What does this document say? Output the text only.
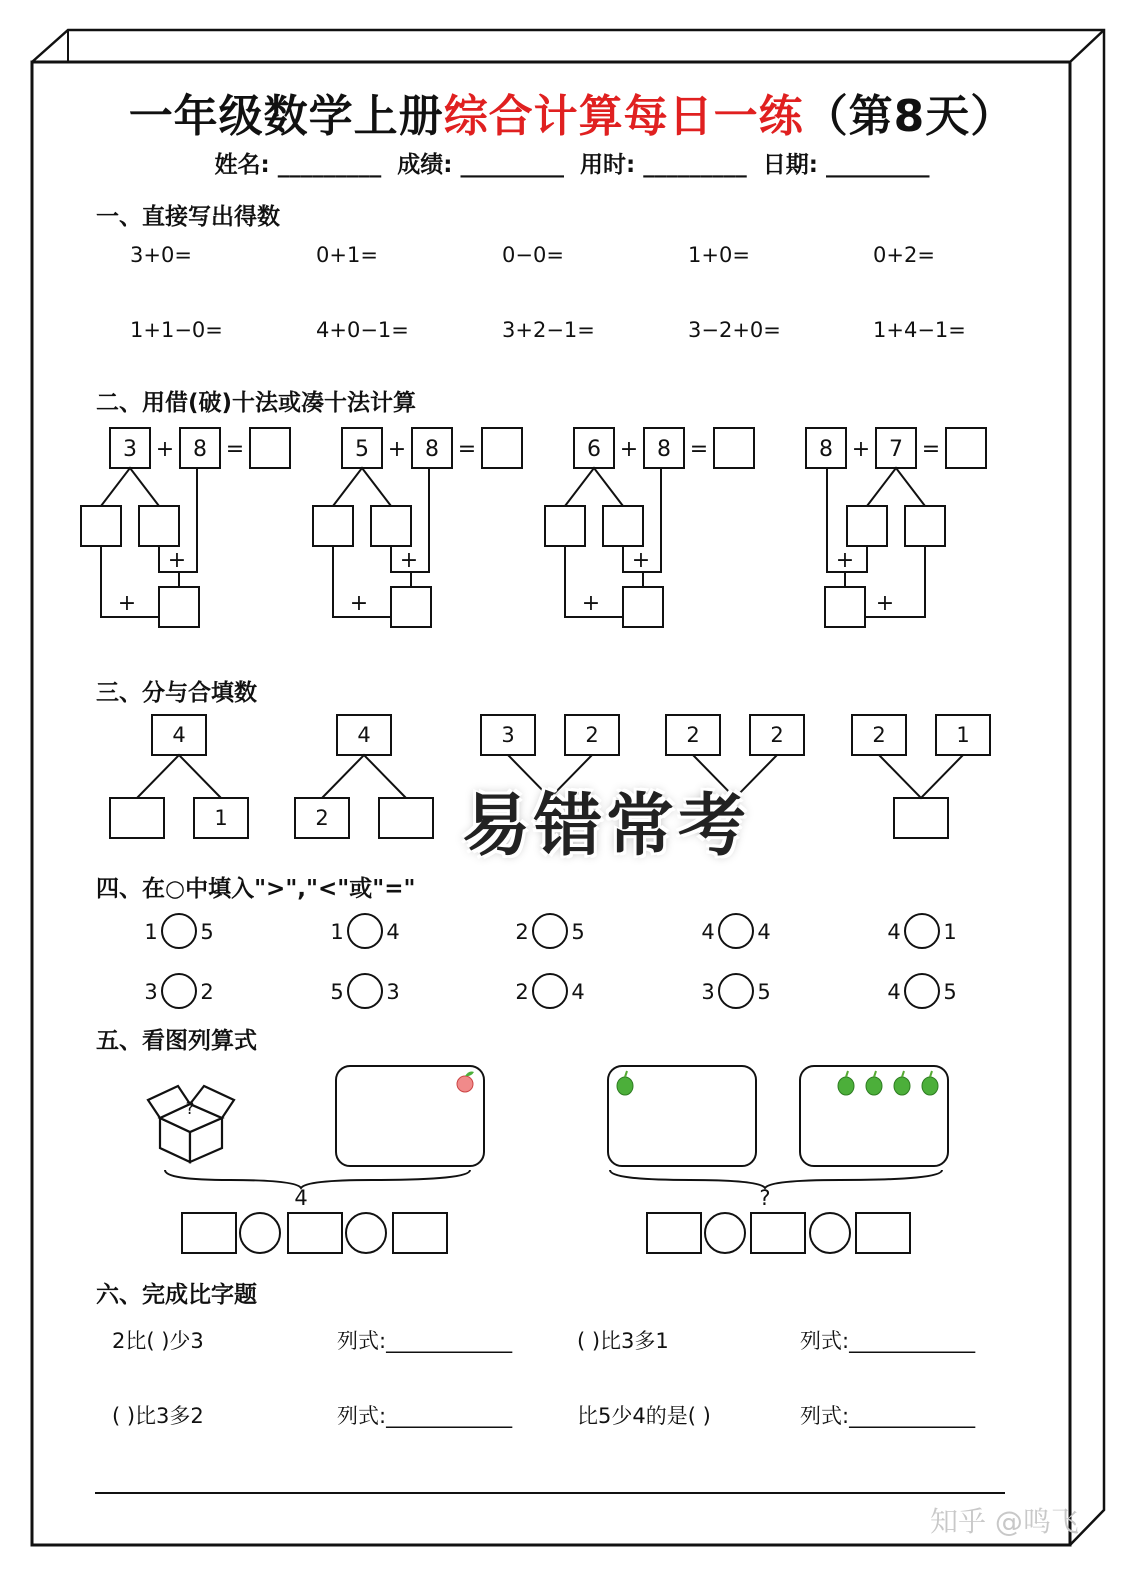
一年级数学上册综合计算每日一练（第8天）
姓名: _________ 成绩: _________ 用时: _________ 日期: _________
一、直接写出得数
3+0=	0+1=	0−0=	1+0=	0+2=
1+1−0=	4+0−1=	3+2−1=	3−2+0=	1+4−1=
二、用借(破)十法或凑十法计算
3 + 8 =
+
+
5 + 8 =
+
+
6 + 8 =
+
+
8 + 7 =
+
+
三、分与合填数
4
1
4
2
3	2	2	2	2	1
易错常考
四、在○中填入">","<"或"="
1 5	1 4	2 5	4 4	4 1
3 2	5 3	2 4	3 5	4 5
五、看图列算式
?
4	?
六、完成比字题
2比( )少3	列式:____________	( )比3多1	列式:____________
( )比3多2	列式:____________	比5少4的是( )	列式:____________
知乎 @鸣飞
